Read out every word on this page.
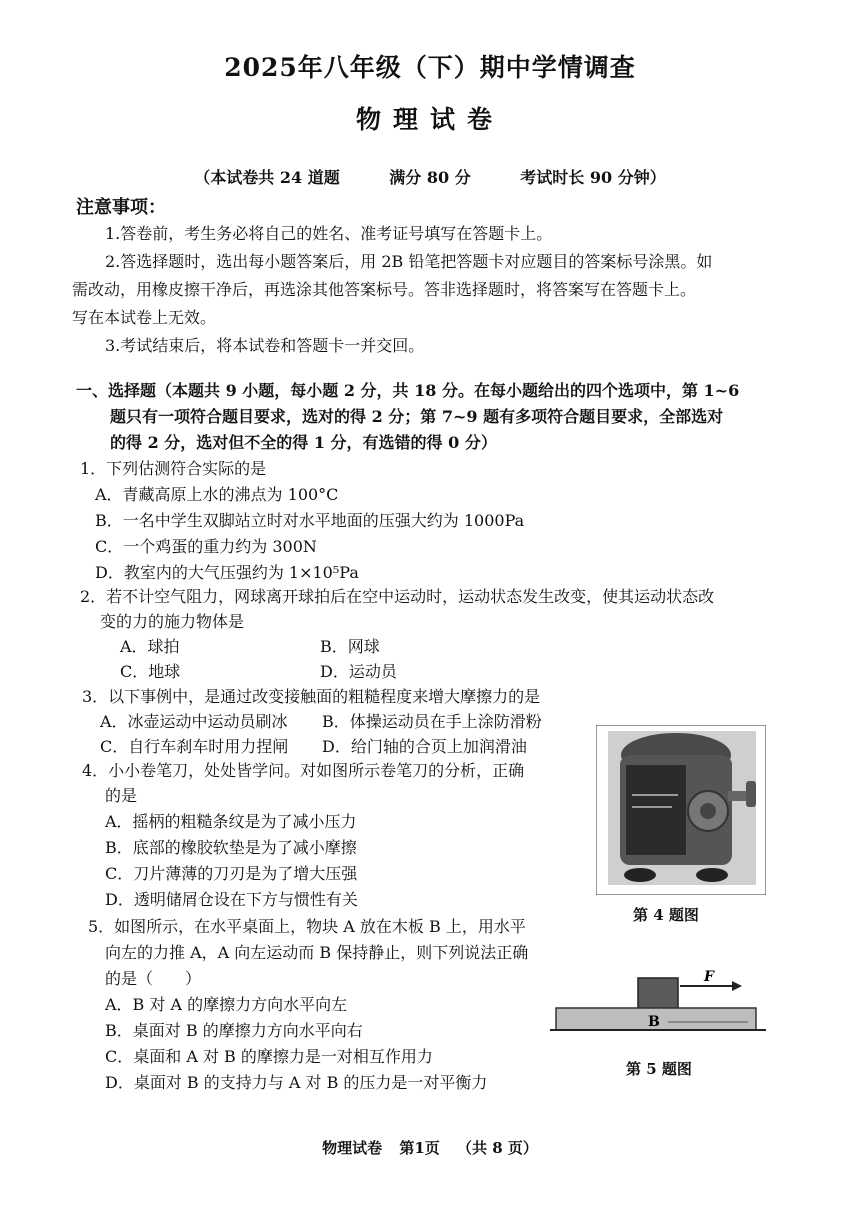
2025年八年级（下）期中学情调查
物理试卷
（本试卷共 24 道题	满分 80 分	考试时长 90 分钟）
注意事项：
1.答卷前，考生务必将自己的姓名、准考证号填写在答题卡上。
2.答选择题时，选出每小题答案后，用 2B 铅笔把答题卡对应题目的答案标号涂黑。如
需改动，用橡皮擦干净后，再选涂其他答案标号。答非选择题时，将答案写在答题卡上。
写在本试卷上无效。
3.考试结束后，将本试卷和答题卡一并交回。
一、选择题（本题共 9 小题，每小题 2 分，共 18 分。在每小题给出的四个选项中，第 1~6
题只有一项符合题目要求，选对的得 2 分；第 7~9 题有多项符合题目要求，全部选对
的得 2 分，选对但不全的得 1 分，有选错的得 0 分）
1．下列估测符合实际的是
A．青藏高原上水的沸点为 100°C
B．一名中学生双脚站立时对水平地面的压强大约为 1000Pa
C．一个鸡蛋的重力约为 300N
D．教室内的大气压强约为 1×10⁵Pa
2．若不计空气阻力，网球离开球拍后在空中运动时，运动状态发生改变，使其运动状态改
变的力的施力物体是
A．球拍	B．网球
C．地球	D．运动员
3．以下事例中，是通过改变接触面的粗糙程度来增大摩擦力的是
A．冰壶运动中运动员刷冰 B．体操运动员在手上涂防滑粉
C．自行车刹车时用力捏闸 D．给门轴的合页上加润滑油
4．小小卷笔刀，处处皆学问。对如图所示卷笔刀的分析，正确
的是
A．摇柄的粗糙条纹是为了减小压力
B．底部的橡胶软垫是为了减小摩擦
C．刀片薄薄的刀刃是为了增大压强
D．透明储屑仓设在下方与惯性有关
第 4 题图
5．如图所示，在水平桌面上，物块 A 放在木板 B 上，用水平
向左的力推 A，A 向左运动而 B 保持静止，则下列说法正确
的是（　　）
A．B 对 A 的摩擦力方向水平向左
B．桌面对 B 的摩擦力方向水平向右
C．桌面和 A 对 B 的摩擦力是一对相互作用力
D．桌面对 B 的支持力与 A 对 B 的压力是一对平衡力
F
B
第 5 题图
物理试卷 第1页 （共 8 页）
